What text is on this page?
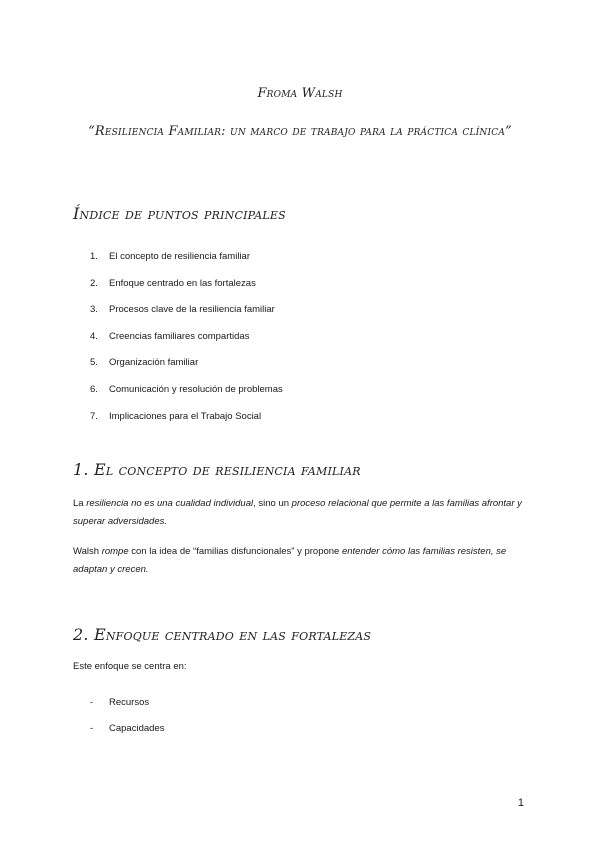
Froma Walsh
“Resiliencia Familiar: un marco de trabajo para la práctica clínica”
Índice de puntos principales
1.	El concepto de resiliencia familiar
2.	Enfoque centrado en las fortalezas
3.	Procesos clave de la resiliencia familiar
4.	Creencias familiares compartidas
5.	Organización familiar
6.	Comunicación y resolución de problemas
7.	Implicaciones para el Trabajo Social
1. El concepto de resiliencia familiar
La resiliencia no es una cualidad individual, sino un proceso relacional que permite a las familias afrontar y superar adversidades.
Walsh rompe con la idea de “familias disfuncionales” y propone entender cómo las familias resisten, se adaptan y crecen.
2. Enfoque centrado en las fortalezas
Este enfoque se centra en:
-	Recursos
-	Capacidades
1
